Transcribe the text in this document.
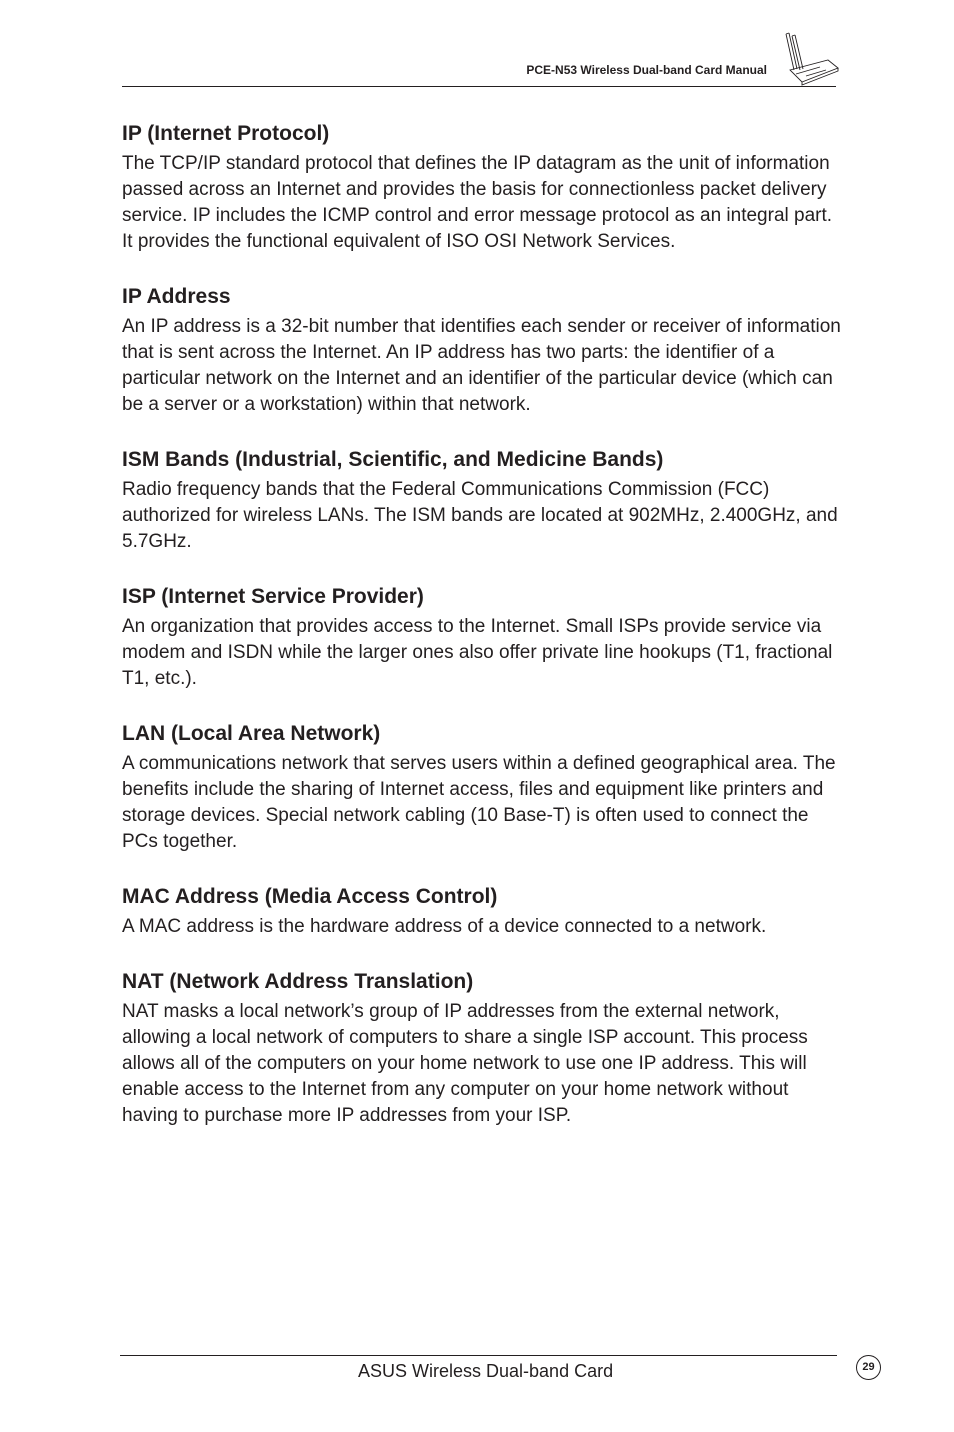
PCE-N53 Wireless Dual-band Card Manual
IP (Internet Protocol)

The TCP/IP standard protocol that defines the IP datagram as the unit of information passed across an Internet and provides the basis for connectionless packet delivery service. IP includes the ICMP control and error message protocol as an integral part. It provides the functional equivalent of ISO OSI Network Services.

IP Address

An IP address is a 32-bit number that identifies each sender or receiver of information that is sent across the Internet. An IP address has two parts: the identifier of a particular network on the Internet and an identifier of the particular device (which can be a server or a workstation) within that network.

ISM Bands (Industrial, Scientific, and Medicine Bands)

Radio frequency bands that the Federal Communications Commission (FCC) authorized for wireless LANs. The ISM bands are located at 902MHz, 2.400GHz, and 5.7GHz.

ISP (Internet Service Provider)

An organization that provides access to the Internet. Small ISPs provide service via modem and ISDN while the larger ones also offer private line hookups (T1, fractional T1, etc.).

LAN (Local Area Network)

A communications network that serves users within a defined geographical area. The benefits include the sharing of Internet access, files and equipment like printers and storage devices. Special network cabling (10 Base-T) is often used to connect the PCs together.

MAC Address (Media Access Control)

A MAC address is the hardware address of a device connected to a network.

NAT (Network Address Translation)

NAT masks a local network’s group of IP addresses from the external network, allowing a local network of computers to share a single ISP account. This process allows all of the computers on your home network to use one IP address. This will enable access to the Internet from any computer on your home network without having to purchase more IP addresses from your ISP.

ASUS Wireless Dual-band Card	29
